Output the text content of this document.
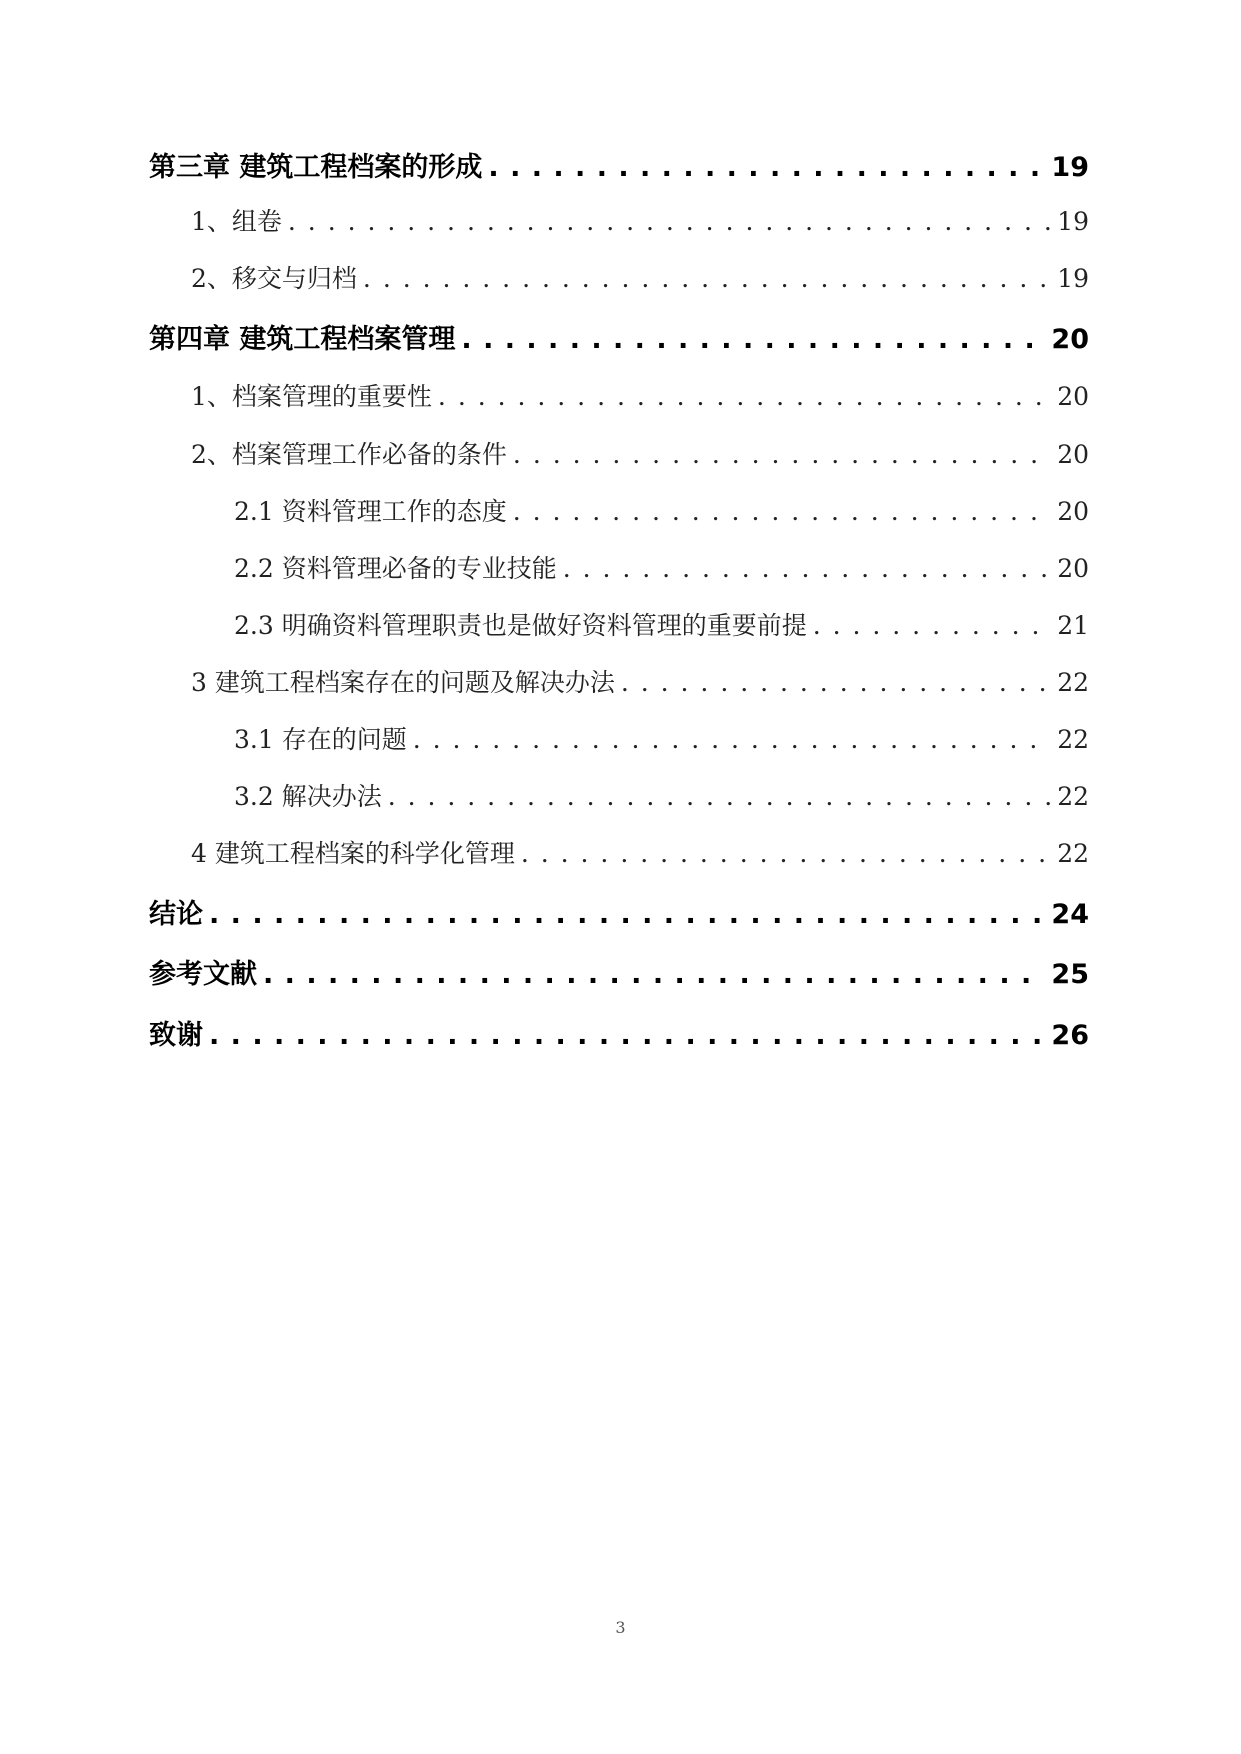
第三章 建筑工程档案的形成 . . .	19
1、组卷 . . .	19
2、移交与归档 . . .	19
第四章 建筑工程档案管理 . . .	20
1、档案管理的重要性 . . .	20
2、档案管理工作必备的条件 . . .	20
2.1 资料管理工作的态度 . . .	20
2.2 资料管理必备的专业技能 . . .	20
2.3 明确资料管理职责也是做好资料管理的重要前提 . . .	21
3 建筑工程档案存在的问题及解决办法 . . .	22
3.1 存在的问题 . . .	22
3.2 解决办法 . . .	22
4 建筑工程档案的科学化管理 . . .	22
结论 . . .	24
参考文献 . . .	25
致谢 . . .	26
3
